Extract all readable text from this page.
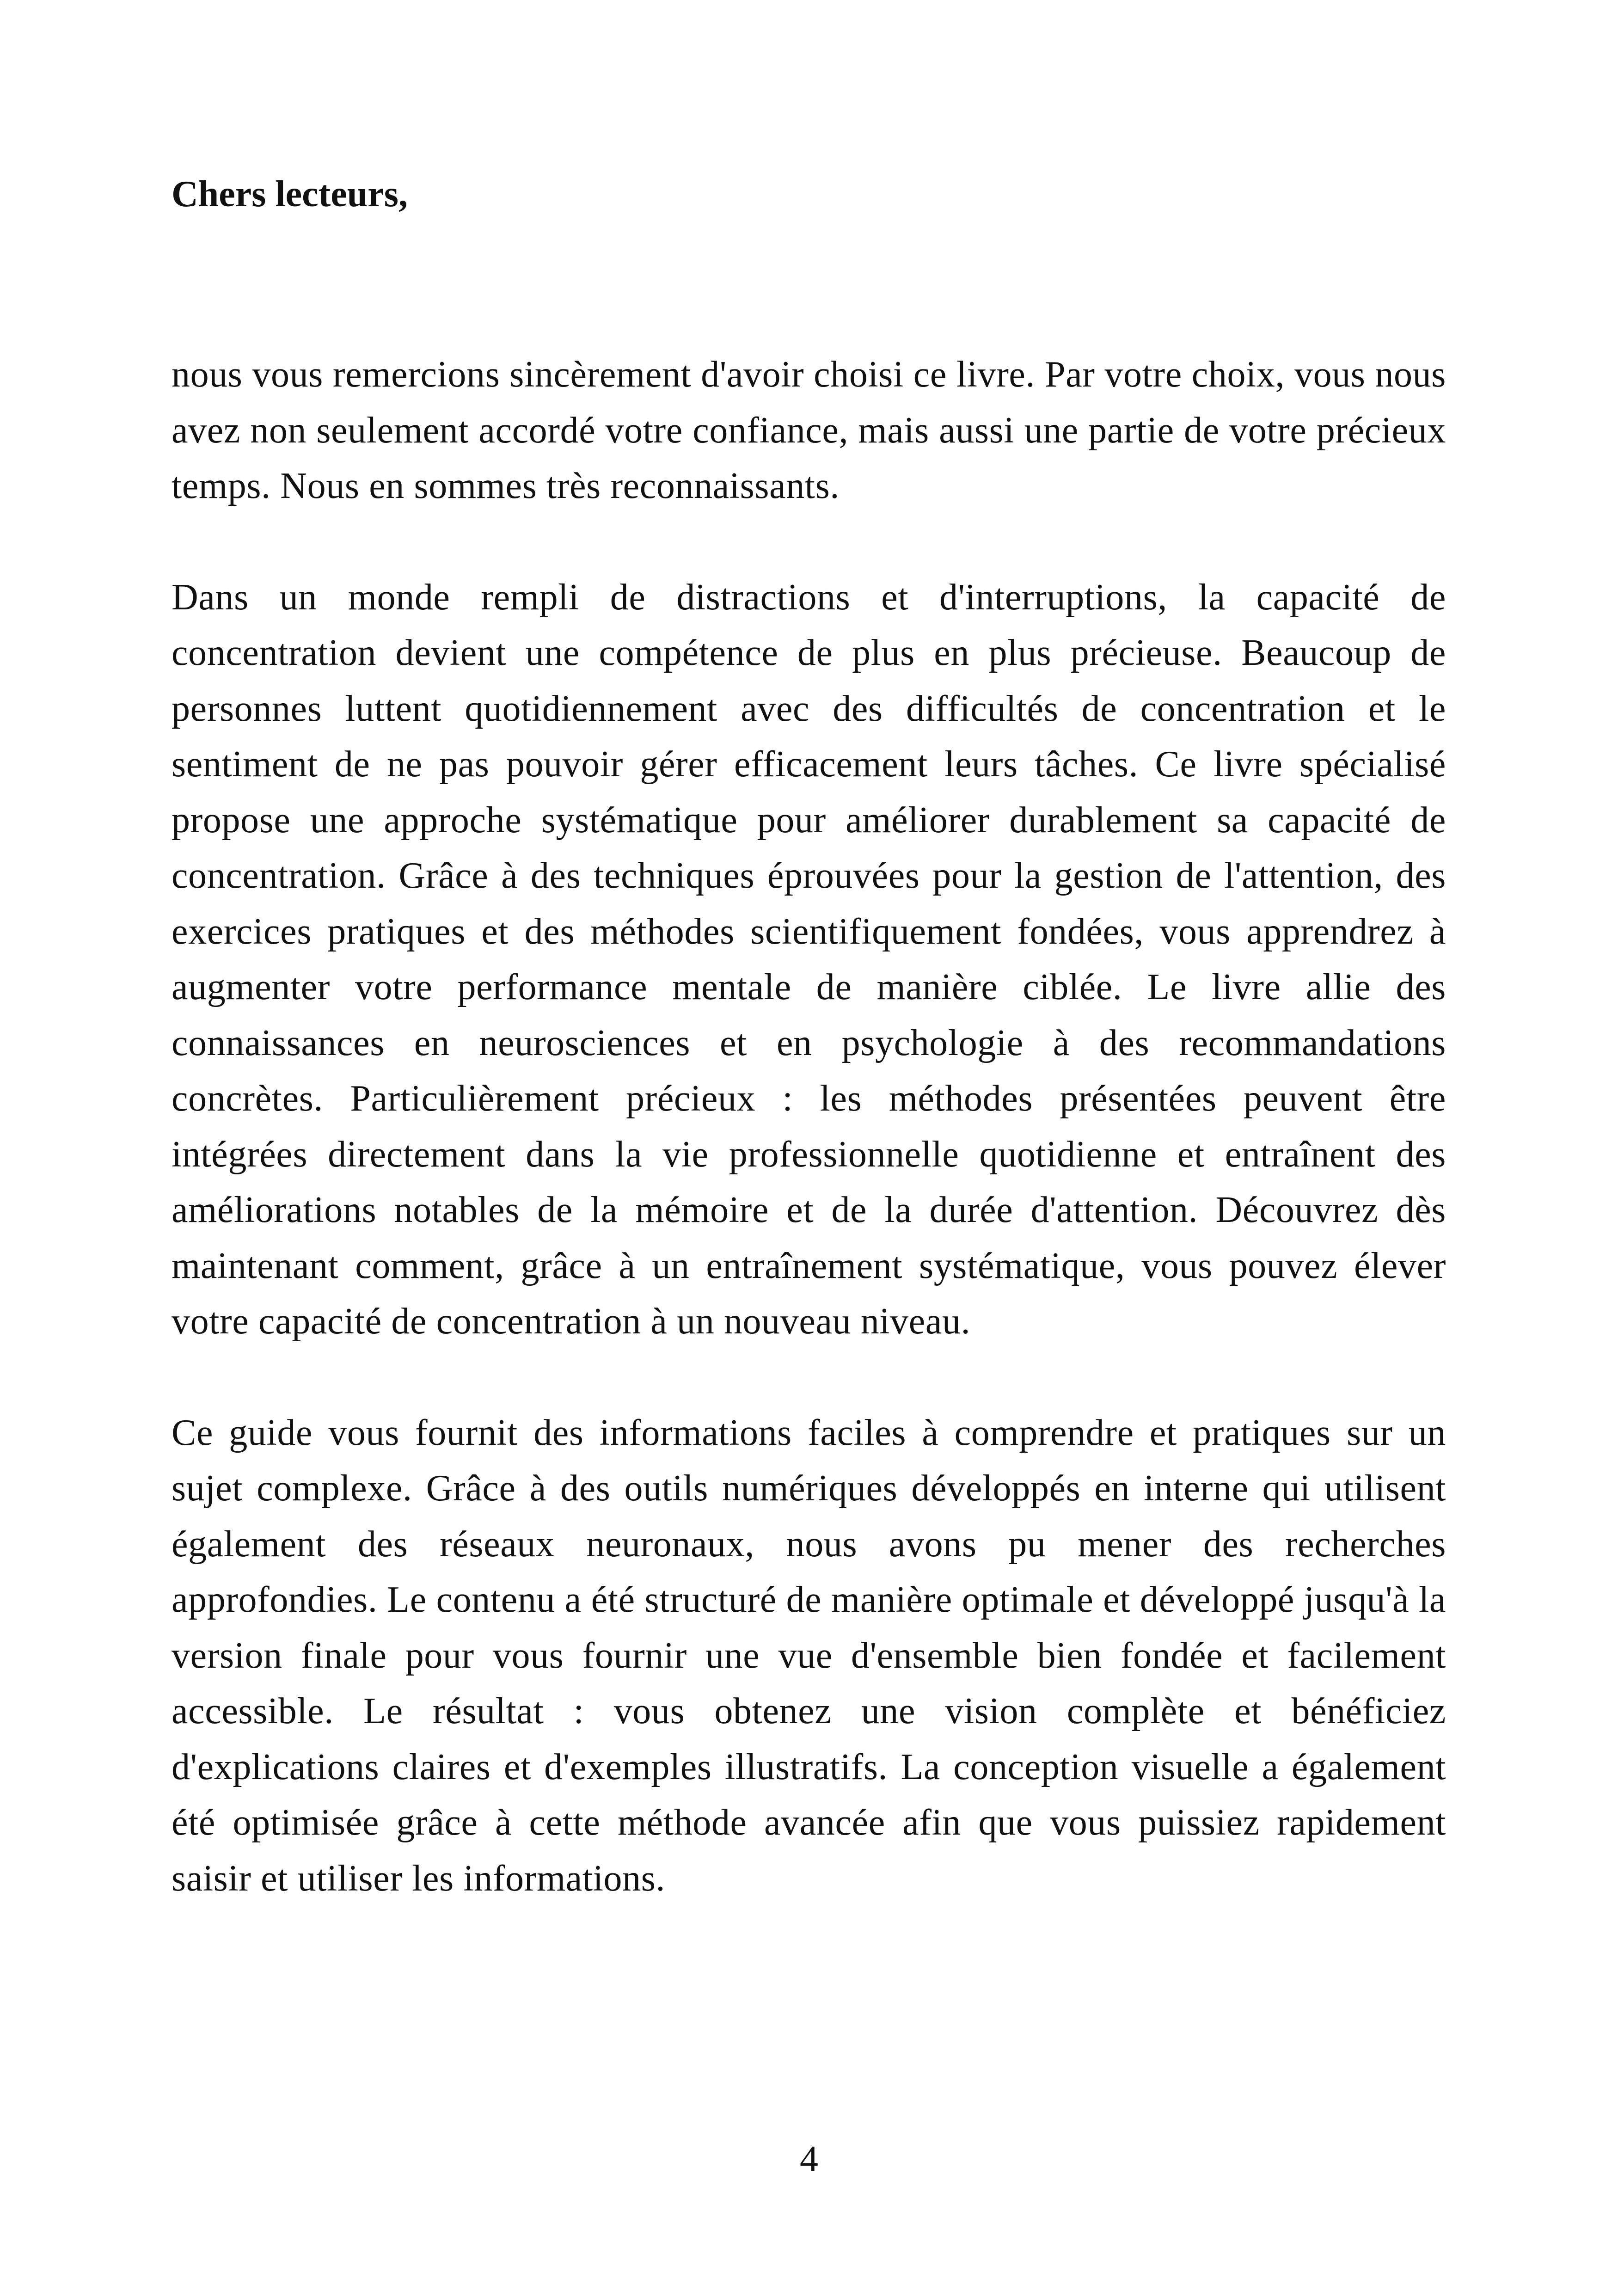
Chers lecteurs,

nous vous remercions sincèrement d'avoir choisi ce livre. Par votre choix, vous nous avez non seulement accordé votre confiance, mais aussi une partie de votre précieux temps. Nous en sommes très reconnaissants.

Dans un monde rempli de distractions et d'interruptions, la capacité de concentration devient une compétence de plus en plus précieuse. Beaucoup de personnes luttent quotidiennement avec des difficultés de concentration et le sentiment de ne pas pouvoir gérer efficacement leurs tâches. Ce livre spécialisé propose une approche systématique pour améliorer durablement sa capacité de concentration. Grâce à des techniques éprouvées pour la gestion de l'attention, des exercices pratiques et des méthodes scientifiquement fondées, vous apprendrez à augmenter votre performance mentale de manière ciblée. Le livre allie des connaissances en neurosciences et en psychologie à des recommandations concrètes. Particulièrement précieux : les méthodes présentées peuvent être intégrées directement dans la vie professionnelle quotidienne et entraînent des améliorations notables de la mémoire et de la durée d'attention. Découvrez dès maintenant comment, grâce à un entraînement systématique, vous pouvez élever votre capacité de concentration à un nouveau niveau.

Ce guide vous fournit des informations faciles à comprendre et pratiques sur un sujet complexe. Grâce à des outils numériques développés en interne qui utilisent également des réseaux neuronaux, nous avons pu mener des recherches approfondies. Le contenu a été structuré de manière optimale et développé jusqu'à la version finale pour vous fournir une vue d'ensemble bien fondée et facilement accessible. Le résultat : vous obtenez une vision complète et bénéficiez d'explications claires et d'exemples illustratifs. La conception visuelle a également été optimisée grâce à cette méthode avancée afin que vous puissiez rapidement saisir et utiliser les informations.

4
